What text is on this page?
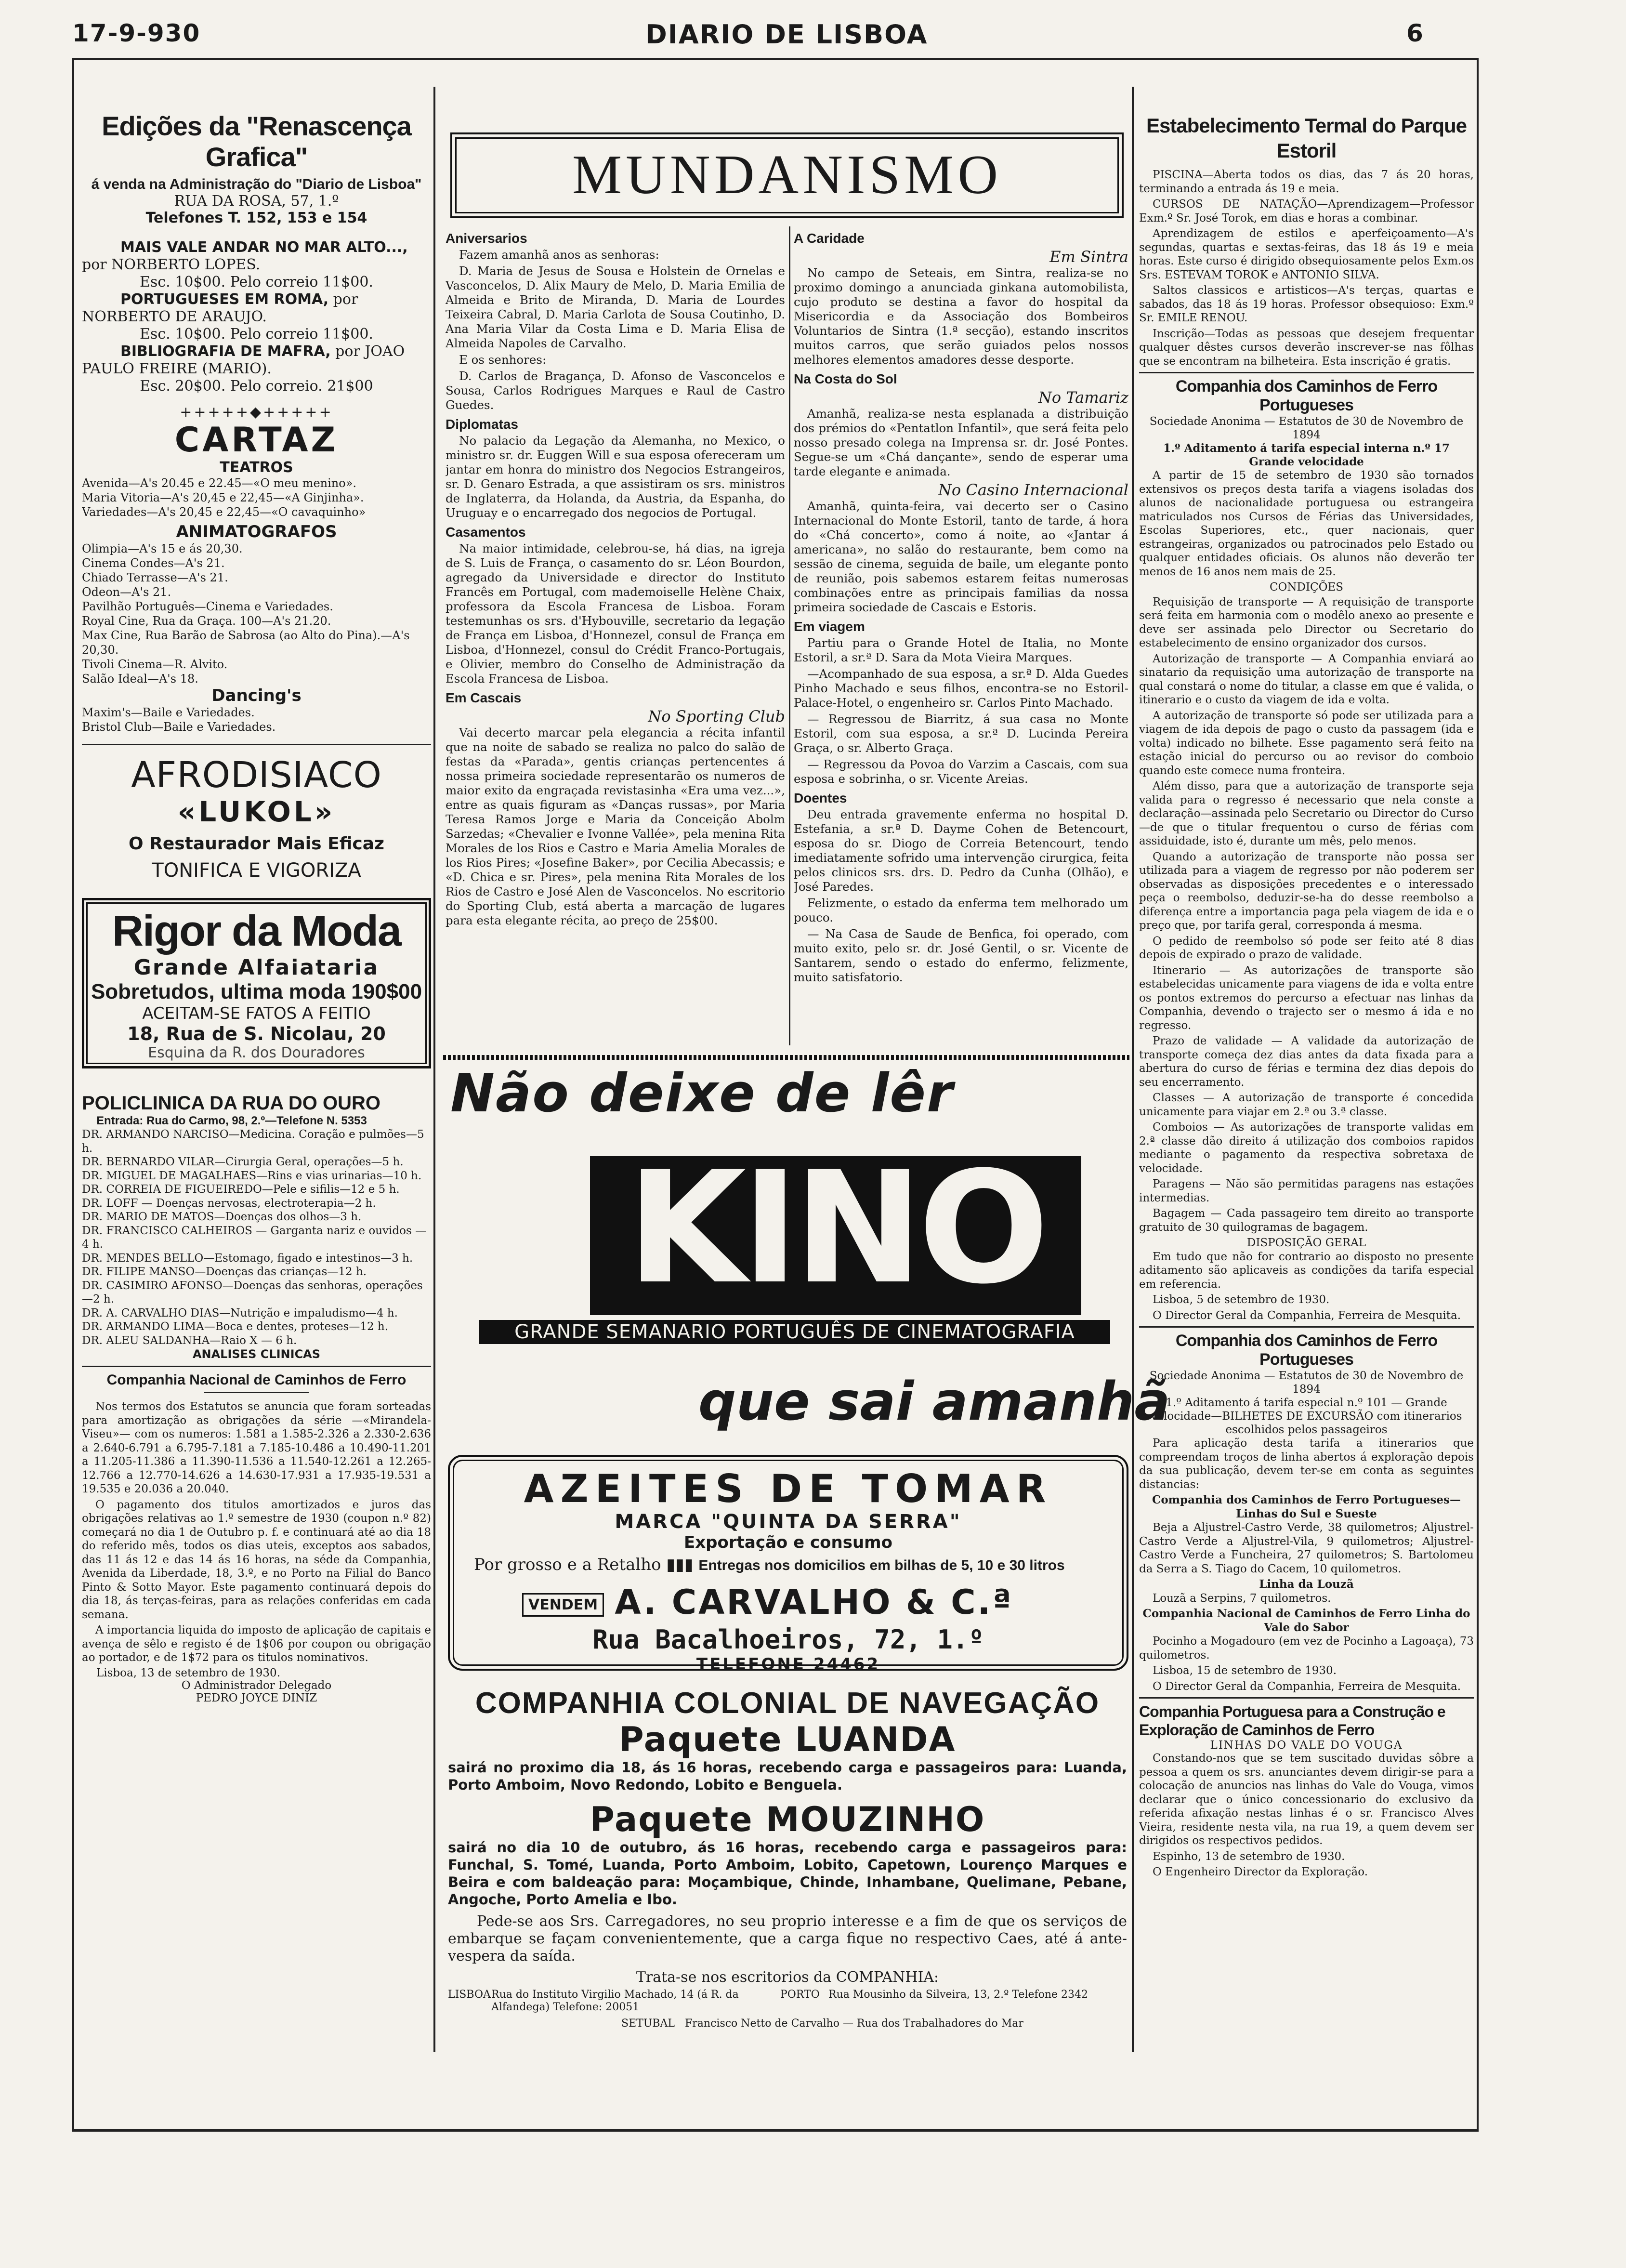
17-9-930	DIARIO DE LISBOA	6
Edições da "Renascença Grafica"
á venda na Administração do "Diario de Lisboa"
RUA DA ROSA, 57, 1.º
Telefones T. 152, 153 e 154
MAIS VALE ANDAR NO MAR ALTO..., por NORBERTO LOPES.
Esc. 10$00. Pelo correio 11$00.
PORTUGUESES EM ROMA, por NORBERTO DE ARAUJO.
Esc. 10$00. Pelo correio 11$00.
BIBLIOGRAFIA DE MAFRA, por JOAO PAULO FREIRE (MARIO).
Esc. 20$00. Pelo correio. 21$00
+++++◆+++++
CARTAZ
TEATROS
Avenida—A's 20.45 e 22.45—«O meu menino».
Maria Vitoria—A's 20,45 e 22,45—«A Ginjinha».
Variedades—A's 20,45 e 22,45—«O cavaquinho»
ANIMATOGRAFOS
Olimpia—A's 15 e ás 20,30.
Cinema Condes—A's 21.
Chiado Terrasse—A's 21.
Odeon—A's 21.
Pavilhão Português—Cinema e Variedades.
Royal Cine, Rua da Graça. 100—A's 21.20.
Max Cine, Rua Barão de Sabrosa (ao Alto do Pina).—A's 20,30.
Tivoli Cinema—R. Alvito.
Salão Ideal—A's 18.
Dancing's
Maxim's—Baile e Variedades.
Bristol Club—Baile e Variedades.
AFRODISIACO
«LUKOL»
O Restaurador Mais Eficaz
TONIFICA E VIGORIZA
Rigor da Moda
Grande Alfaiataria
Sobretudos, ultima moda 190$00
ACEITAM-SE FATOS A FEITIO
18, Rua de S. Nicolau, 20
Esquina da R. dos Douradores
POLICLINICA DA RUA DO OURO
Entrada: Rua do Carmo, 98, 2.º—Telefone N. 5353
DR. ARMANDO NARCISO—Medicina. Coração e pulmões—5 h.
DR. BERNARDO VILAR—Cirurgia Geral, operações—5 h.
DR. MIGUEL DE MAGALHAES—Rins e vias urinarias—10 h.
DR. CORREIA DE FIGUEIREDO—Pele e sifilis—12 e 5 h.
DR. LOFF — Doenças nervosas, electroterapia—2 h.
DR. MARIO DE MATOS—Doenças dos olhos—3 h.
DR. FRANCISCO CALHEIROS — Garganta nariz e ouvidos — 4 h.
DR. MENDES BELLO—Estomago, figado e intestinos—3 h.
DR. FILIPE MANSO—Doenças das crianças—12 h.
DR. CASIMIRO AFONSO—Doenças das senhoras, operações—2 h.
DR. A. CARVALHO DIAS—Nutrição e impaludismo—4 h.
DR. ARMANDO LIMA—Boca e dentes, proteses—12 h.
DR. ALEU SALDANHA—Raio X — 6 h.
ANALISES CLINICAS
Companhia Nacional de Caminhos de Ferro

Nos termos dos Estatutos se anuncia que foram sorteadas para amortização as obrigações da série —«Mirandela- Viseu»— com os numeros: 1.581 a 1.585-2.326 a 2.330-2.636 a 2.640-6.791 a 6.795-7.181 a 7.185-10.486 a 10.490-11.201 a 11.205-11.386 a 11.390-11.536 a 11.540-12.261 a 12.265-12.766 a 12.770-14.626 a 14.630-17.931 a 17.935-19.531 a 19.535 e 20.036 a 20.040.

O pagamento dos titulos amortizados e juros das obrigações relativas ao 1.º semestre de 1930 (coupon n.º 82) começará no dia 1 de Outubro p. f. e continuará até ao dia 18 do referido mês, todos os dias uteis, exceptos aos sabados, das 11 ás 12 e das 14 ás 16 horas, na séde da Companhia, Avenida da Liberdade, 18, 3.º, e no Porto na Filial do Banco Pinto & Sotto Mayor. Este pagamento continuará depois do dia 18, ás terças-feiras, para as relações conferidas em cada semana.

A importancia liquida do imposto de aplicação de capitais e avença de sêlo e registo é de 1$06 por coupon ou obrigação ao portador, e de 1$72 para os titulos nominativos.

Lisboa, 13 de setembro de 1930.
O Administrador Delegado
PEDRO JOYCE DINIZ
MUNDANISMO
Aniversarios

Fazem amanhã anos as senhoras:

D. Maria de Jesus de Sousa e Holstein de Ornelas e Vasconcelos, D. Alix Maury de Melo, D. Maria Emilia de Almeida e Brito de Miranda, D. Maria de Lourdes Teixeira Cabral, D. Maria Carlota de Sousa Coutinho, D. Ana Maria Vilar da Costa Lima e D. Maria Elisa de Almeida Napoles de Carvalho.

E os senhores:

D. Carlos de Bragança, D. Afonso de Vasconcelos e Sousa, Carlos Rodrigues Marques e Raul de Castro Guedes.

Diplomatas

No palacio da Legação da Alemanha, no Mexico, o ministro sr. dr. Euggen Will e sua esposa ofereceram um jantar em honra do ministro dos Negocios Estrangeiros, sr. D. Genaro Estrada, a que assistiram os srs. ministros de Inglaterra, da Holanda, da Austria, da Espanha, do Uruguay e o encarregado dos negocios de Portugal.

Casamentos

Na maior intimidade, celebrou-se, há dias, na igreja de S. Luis de França, o casamento do sr. Léon Bourdon, agregado da Universidade e director do Instituto Francês em Portugal, com mademoiselle Helène Chaix, professora da Escola Francesa de Lisboa. Foram testemunhas os srs. d'Hybouville, secretario da legação de França em Lisboa, d'Honnezel, consul de França em Lisboa, d'Honnezel, consul do Crédit Franco-Portugais, e Olivier, membro do Conselho de Administração da Escola Francesa de Lisboa.

Em Cascais
No Sporting Club

Vai decerto marcar pela elegancia a récita infantil que na noite de sabado se realiza no palco do salão de festas da «Parada», gentis crianças pertencentes á nossa primeira sociedade representarão os numeros de maior exito da engraçada revistasinha «Era uma vez...», entre as quais figuram as «Danças russas», por Maria Teresa Ramos Jorge e Maria da Conceição Abolm Sarzedas; «Chevalier e Ivonne Vallée», pela menina Rita Morales de los Rios e Castro e Maria Amelia Morales de los Rios Pires; «Josefine Baker», por Cecilia Abecassis; e «D. Chica e sr. Pires», pela menina Rita Morales de los Rios de Castro e José Alen de Vasconcelos. No escritorio do Sporting Club, está aberta a marcação de lugares para esta elegante récita, ao preço de 25$00.

A Caridade
Em Sintra

No campo de Seteais, em Sintra, realiza-se no proximo domingo a anunciada ginkana automobilista, cujo produto se destina a favor do hospital da Misericordia e da Associação dos Bombeiros Voluntarios de Sintra (1.ª secção), estando inscritos muitos carros, que serão guiados pelos nossos melhores elementos amadores desse desporte.

Na Costa do Sol
No Tamariz

Amanhã, realiza-se nesta esplanada a distribuição dos prémios do «Pentatlon Infantil», que será feita pelo nosso presado colega na Imprensa sr. dr. José Pontes. Segue-se um «Chá dançante», sendo de esperar uma tarde elegante e animada.

No Casino Internacional

Amanhã, quinta-feira, vai decerto ser o Casino Internacional do Monte Estoril, tanto de tarde, á hora do «Chá concerto», como á noite, ao «Jantar á americana», no salão do restaurante, bem como na sessão de cinema, seguida de baile, um elegante ponto de reunião, pois sabemos estarem feitas numerosas combinações entre as principais familias da nossa primeira sociedade de Cascais e Estoris.

Em viagem

Partiu para o Grande Hotel de Italia, no Monte Estoril, a sr.ª D. Sara da Mota Vieira Marques.

—Acompanhado de sua esposa, a sr.ª D. Alda Guedes Pinho Machado e seus filhos, encontra-se no Estoril-Palace-Hotel, o engenheiro sr. Carlos Pinto Machado.

— Regressou de Biarritz, á sua casa no Monte Estoril, com sua esposa, a sr.ª D. Lucinda Pereira Graça, o sr. Alberto Graça.

— Regressou da Povoa do Varzim a Cascais, com sua esposa e sobrinha, o sr. Vicente Areias.

Doentes

Deu entrada gravemente enferma no hospital D. Estefania, a sr.ª D. Dayme Cohen de Betencourt, esposa do sr. Diogo de Correia Betencourt, tendo imediatamente sofrido uma intervenção cirurgica, feita pelos clinicos srs. drs. D. Pedro da Cunha (Olhão), e José Paredes.

Felizmente, o estado da enferma tem melhorado um pouco.

— Na Casa de Saude de Benfica, foi operado, com muito exito, pelo sr. dr. José Gentil, o sr. Vicente de Santarem, sendo o estado do enfermo, felizmente, muito satisfatorio.

Não deixe de lêr
KINO
GRANDE SEMANARIO PORTUGUÊS DE CINEMATOGRAFIA
que sai amanhã
AZEITES DE TOMAR
MARCA "QUINTA DA SERRA"
Exportação e consumo
Por grosso e a Retalho ▮▮▮ Entregas nos domicilios em bilhas de 5, 10 e 30 litros
VENDEM A. CARVALHO & C.ª
Rua Bacalhoeiros, 72, 1.º
TELEFONE 24462
COMPANHIA COLONIAL DE NAVEGAÇÃO
Paquete LUANDA
sairá no proximo dia 18, ás 16 horas, recebendo carga e passageiros para: Luanda, Porto Amboim, Novo Redondo, Lobito e Benguela.
Paquete MOUZINHO
sairá no dia 10 de outubro, ás 16 horas, recebendo carga e passageiros para: Funchal, S. Tomé, Luanda, Porto Amboim, Lobito, Capetown, Lourenço Marques e Beira e com baldeação para: Moçambique, Chinde, Inhambane, Quelimane, Pebane, Angoche, Porto Amelia e Ibo.
Pede-se aos Srs. Carregadores, no seu proprio interesse e a fim de que os serviços de embarque se façam convenientemente, que a carga fique no respectivo Caes, até á ante-vespera da saída.
Trata-se nos escritorios da COMPANHIA:
LISBOA Rua do Instituto Virgilio Machado, 14 (á R. da Alfandega) Telefone: 20051
PORTO Rua Mousinho da Silveira, 13, 2.º Telefone 2342
SETUBAL Francisco Netto de Carvalho — Rua dos Trabalhadores do Mar
Estabelecimento Termal do Parque Estoril

PISCINA—Aberta todos os dias, das 7 ás 20 horas, terminando a entrada ás 19 e meia.

CURSOS DE NATAÇÃO—Aprendizagem—Professor Exm.º Sr. José Torok, em dias e horas a combinar.

Aprendizagem de estilos e aperfeiçoamento—A's segundas, quartas e sextas-feiras, das 18 ás 19 e meia horas. Este curso é dirigido obsequiosamente pelos Exm.os Srs. ESTEVAM TOROK e ANTONIO SILVA.

Saltos classicos e artisticos—A's terças, quartas e sabados, das 18 ás 19 horas. Professor obsequioso: Exm.º Sr. EMILE RENOU.

Inscrição—Todas as pessoas que desejem frequentar qualquer dêstes cursos deverão inscrever-se nas fôlhas que se encontram na bilheteira. Esta inscrição é gratis.

Companhia dos Caminhos de Ferro Portugueses
Sociedade Anonima — Estatutos de 30 de Novembro de 1894
1.º Aditamento á tarifa especial interna n.º 17 Grande velocidade

A partir de 15 de setembro de 1930 são tornados extensivos os preços desta tarifa a viagens isoladas dos alunos de nacionalidade portuguesa ou estrangeira matriculados nos Cursos de Férias das Universidades, Escolas Superiores, etc., quer nacionais, quer estrangeiras, organizados ou patrocinados pelo Estado ou qualquer entidades oficiais. Os alunos não deverão ter menos de 16 anos nem mais de 25.

CONDIÇÕES

Requisição de transporte — A requisição de transporte será feita em harmonia com o modêlo anexo ao presente e deve ser assinada pelo Director ou Secretario do estabelecimento de ensino organizador dos cursos.

Autorização de transporte — A Companhia enviará ao sinatario da requisição uma autorização de transporte na qual constará o nome do titular, a classe em que é valida, o itinerario e o custo da viagem de ida e volta.

A autorização de transporte só pode ser utilizada para a viagem de ida depois de pago o custo da passagem (ida e volta) indicado no bilhete. Esse pagamento será feito na estação inicial do percurso ou ao revisor do comboio quando este comece numa fronteira.

Além disso, para que a autorização de transporte seja valida para o regresso é necessario que nela conste a declaração—assinada pelo Secretario ou Director do Curso—de que o titular frequentou o curso de férias com assiduidade, isto é, durante um mês, pelo menos.

Quando a autorização de transporte não possa ser utilizada para a viagem de regresso por não poderem ser observadas as disposições precedentes e o interessado peça o reembolso, deduzir-se-ha do desse reembolso a diferença entre a importancia paga pela viagem de ida e o preço que, por tarifa geral, corresponda á mesma.

O pedido de reembolso só pode ser feito até 8 dias depois de expirado o prazo de validade.

Itinerario — As autorizações de transporte são estabelecidas unicamente para viagens de ida e volta entre os pontos extremos do percurso a efectuar nas linhas da Companhia, devendo o trajecto ser o mesmo á ida e no regresso.

Prazo de validade — A validade da autorização de transporte começa dez dias antes da data fixada para a abertura do curso de férias e termina dez dias depois do seu encerramento.

Classes — A autorização de transporte é concedida unicamente para viajar em 2.ª ou 3.ª classe.

Comboios — As autorizações de transporte validas em 2.ª classe dão direito á utilização dos comboios rapidos mediante o pagamento da respectiva sobretaxa de velocidade.

Paragens — Não são permitidas paragens nas estações intermedias.

Bagagem — Cada passageiro tem direito ao transporte gratuito de 30 quilogramas de bagagem.

DISPOSIÇÃO GERAL

Em tudo que não for contrario ao disposto no presente aditamento são aplicaveis as condições da tarifa especial em referencia.

Lisboa, 5 de setembro de 1930.

O Director Geral da Companhia, Ferreira de Mesquita.

Companhia dos Caminhos de Ferro Portugueses
Sociedade Anonima — Estatutos de 30 de Novembro de 1894
1.º Aditamento á tarifa especial n.º 101 — Grande velocidade—BILHETES DE EXCURSÃO com itinerarios escolhidos pelos passageiros

Para aplicação desta tarifa a itinerarios que compreendam troços de linha abertos á exploração depois da sua publicação, devem ter-se em conta as seguintes distancias:

Companhia dos Caminhos de Ferro Portugueses—Linhas do Sul e Sueste

Beja a Aljustrel-Castro Verde, 38 quilometros; Aljustrel-Castro Verde a Aljustrel-Vila, 9 quilometros; Aljustrel-Castro Verde a Funcheira, 27 quilometros; S. Bartolomeu da Serra a S. Tiago do Cacem, 10 quilometros.

Linha da Louzã

Louzã a Serpins, 7 quilometros.

Companhia Nacional de Caminhos de Ferro Linha do Vale do Sabor

Pocinho a Mogadouro (em vez de Pocinho a Lagoaça), 73 quilometros.

Lisboa, 15 de setembro de 1930.

O Director Geral da Companhia, Ferreira de Mesquita.

Companhia Portuguesa para a Construção e Exploração de Caminhos de Ferro
LINHAS DO VALE DO VOUGA

Constando-nos que se tem suscitado duvidas sôbre a pessoa a quem os srs. anunciantes devem dirigir-se para a colocação de anuncios nas linhas do Vale do Vouga, vimos declarar que o único concessionario do exclusivo da referida afixação nestas linhas é o sr. Francisco Alves Vieira, residente nesta vila, na rua 19, a quem devem ser dirigidos os respectivos pedidos.

Espinho, 13 de setembro de 1930.

O Engenheiro Director da Exploração.
